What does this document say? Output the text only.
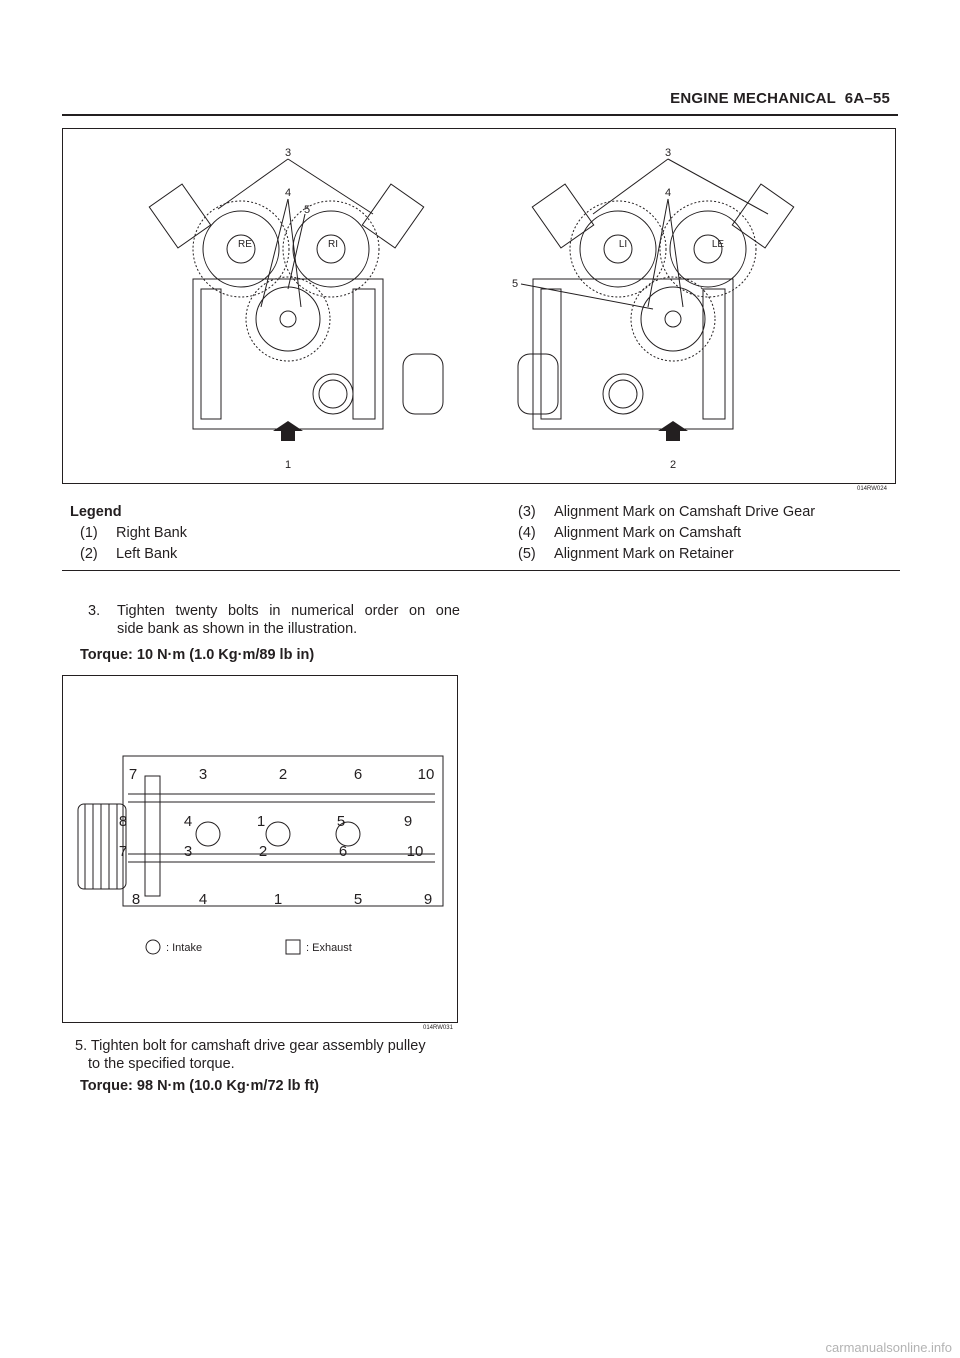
ENGINE MECHANICAL 6A–55
3
4
5
1
3
4
5
2
RE	RI	LI	LE
014RW024
Legend
(1) Right Bank
(2) Left Bank
(3) Alignment Mark on Camshaft Drive Gear
(4) Alignment Mark on Camshaft
(5) Alignment Mark on Retainer
3. Tighten twenty bolts in numerical order on one
side bank as shown in the illustration.
Torque: 10 N·m (1.0 Kg·m/89 lb in)
7	3	2	6	10
8	4	1	5	9
7	3	2	6	10
8	4	1	5	9
: Intake	: Exhaust
014RW031
5. Tighten bolt for camshaft drive gear assembly pulley
to the specified torque.
Torque: 98 N·m (10.0 Kg·m/72 lb ft)
carmanualsonline.info
